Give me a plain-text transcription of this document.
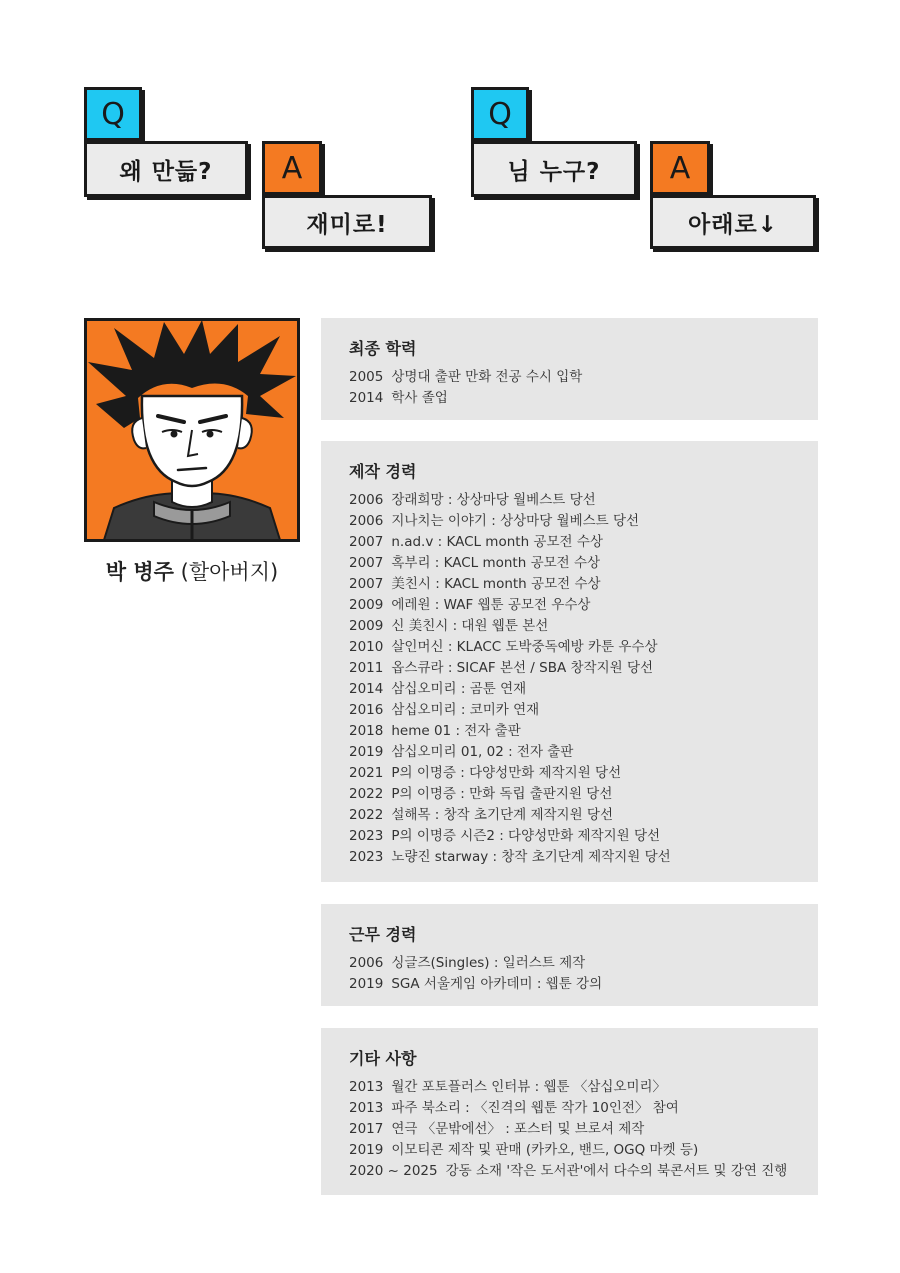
Q
왜 만듦? A
재미로!
Q
님 누구? A
아래로↓
박 병주 (할아버지)
최종 학력
2005 상명대 출판 만화 전공 수시 입학
2014 학사 졸업
제작 경력
2006 장래희망 : 상상마당 월베스트 당선
2006 지나치는 이야기 : 상상마당 월베스트 당선
2007 n.ad.v : KACL month 공모전 수상
2007 혹부리 : KACL month 공모전 수상
2007 美친시 : KACL month 공모전 수상
2009 에레원 : WAF 웹툰 공모전 우수상
2009 신 美친시 : 대원 웹툰 본선
2010 살인머신 : KLACC 도박중독예방 카툰 우수상
2011 옵스큐라 : SICAF 본선 / SBA 창작지원 당선
2014 삼십오미리 : 곰툰 연재
2016 삼십오미리 : 코미카 연재
2018 heme 01 : 전자 출판
2019 삼십오미리 01, 02 : 전자 출판
2021 P의 이명증 : 다양성만화 제작지원 당선
2022 P의 이명증 : 만화 독립 출판지원 당선
2022 설해목 : 창작 초기단계 제작지원 당선
2023 P의 이명증 시즌2 : 다양성만화 제작지원 당선
2023 노량진 starway : 창작 초기단계 제작지원 당선
근무 경력
2006 싱글즈(Singles) : 일러스트 제작
2019 SGA 서울게임 아카데미 : 웹툰 강의
기타 사항
2013 월간 포토플러스 인터뷰 : 웹툰 〈삼십오미리〉
2013 파주 북소리 : 〈진격의 웹툰 작가 10인전〉 참여
2017 연극 〈문밖에선〉 : 포스터 및 브로셔 제작
2019 이모티콘 제작 및 판매 (카카오, 밴드, OGQ 마켓 등)
2020 ~ 2025 강동 소재 '작은 도서관'에서 다수의 북콘서트 및 강연 진행
